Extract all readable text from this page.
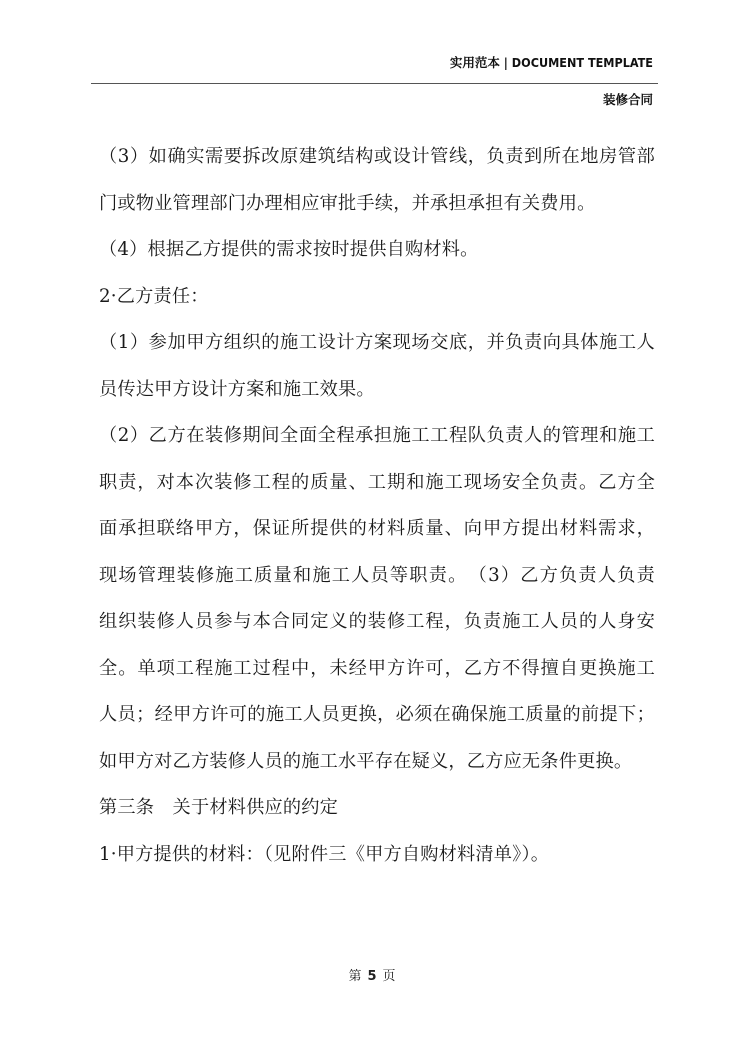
实用范本 | DOCUMENT TEMPLATE
装修合同
（3）如确实需要拆改原建筑结构或设计管线，负责到所在地房管部
门或物业管理部门办理相应审批手续，并承担承担有关费用。
（4）根据乙方提供的需求按时提供自购材料。
2·乙方责任：
（1）参加甲方组织的施工设计方案现场交底，并负责向具体施工人
员传达甲方设计方案和施工效果。
（2）乙方在装修期间全面全程承担施工工程队负责人的管理和施工
职责，对本次装修工程的质量、工期和施工现场安全负责。乙方全
面承担联络甲方，保证所提供的材料质量、向甲方提出材料需求，
现场管理装修施工质量和施工人员等职责。　（3）乙方负责人负责
组织装修人员参与本合同定义的装修工程，负责施工人员的人身安
全。单项工程施工过程中，未经甲方许可，乙方不得擅自更换施工
人员；经甲方许可的施工人员更换，必须在确保施工质量的前提下；
如甲方对乙方装修人员的施工水平存在疑义，乙方应无条件更换。
第三条　关于材料供应的约定
1·甲方提供的材料：（见附件三《甲方自购材料清单》）。
第 5 页
